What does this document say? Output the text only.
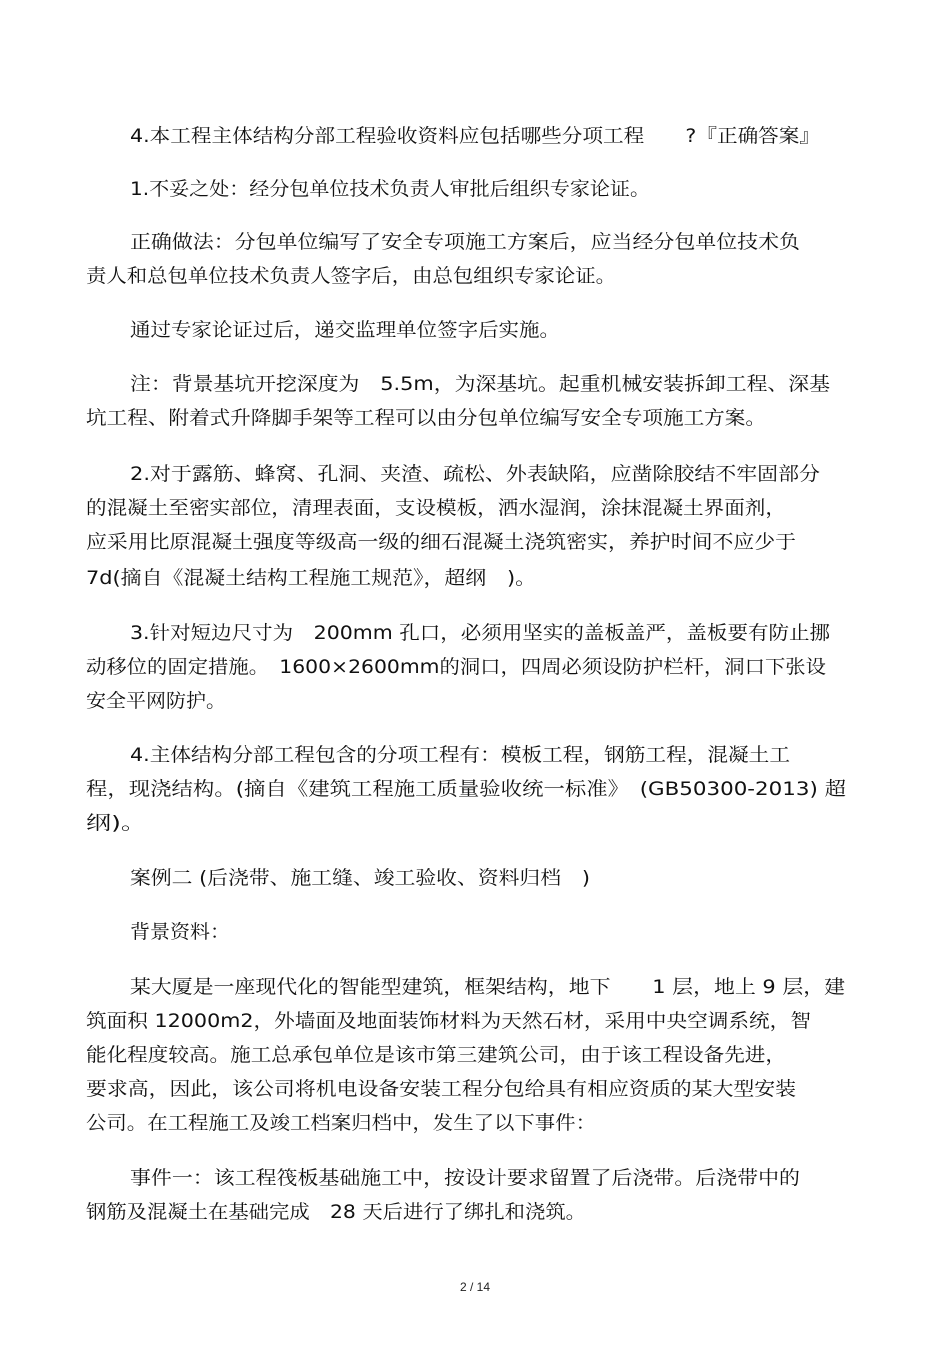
4.本工程主体结构分部工程验收资料应包括哪些分项工程　　?『正确答案』
1.不妥之处：经分包单位技术负责人审批后组织专家论证。
正确做法：分包单位编写了安全专项施工方案后，应当经分包单位技术负
责人和总包单位技术负责人签字后，由总包组织专家论证。
通过专家论证过后，递交监理单位签字后实施。
注：背景基坑开挖深度为　5.5m，为深基坑。起重机械安装拆卸工程、深基
坑工程、附着式升降脚手架等工程可以由分包单位编写安全专项施工方案。
2.对于露筋、蜂窝、孔洞、夹渣、疏松、外表缺陷，应凿除胶结不牢固部分
的混凝土至密实部位，清理表面，支设模板，洒水湿润，涂抹混凝土界面剂，
应采用比原混凝土强度等级高一级的细石混凝土浇筑密实，养护时间不应少于
7d(摘自《混凝土结构工程施工规范》，超纲　)。
3.针对短边尺寸为　200mm 孔口，必须用坚实的盖板盖严，盖板要有防止挪
动移位的固定措施。　1600×2600mm的洞口，四周必须设防护栏杆，洞口下张设
安全平网防护。
4.主体结构分部工程包含的分项工程有：模板工程，钢筋工程，混凝土工
程，现浇结构。(摘自《建筑工程施工质量验收统一标准》　(GB50300-2013) 超
纲)。
案例二 (后浇带、施工缝、竣工验收、资料归档　)
背景资料：
某大厦是一座现代化的智能型建筑，框架结构，地下　　1 层，地上 9 层，建
筑面积 12000m2，外墙面及地面装饰材料为天然石材，采用中央空调系统，智
能化程度较高。施工总承包单位是该市第三建筑公司，由于该工程设备先进，
要求高，因此，该公司将机电设备安装工程分包给具有相应资质的某大型安装
公司。在工程施工及竣工档案归档中，发生了以下事件：
事件一：该工程筏板基础施工中，按设计要求留置了后浇带。后浇带中的
钢筋及混凝土在基础完成　28 天后进行了绑扎和浇筑。
2 / 14
